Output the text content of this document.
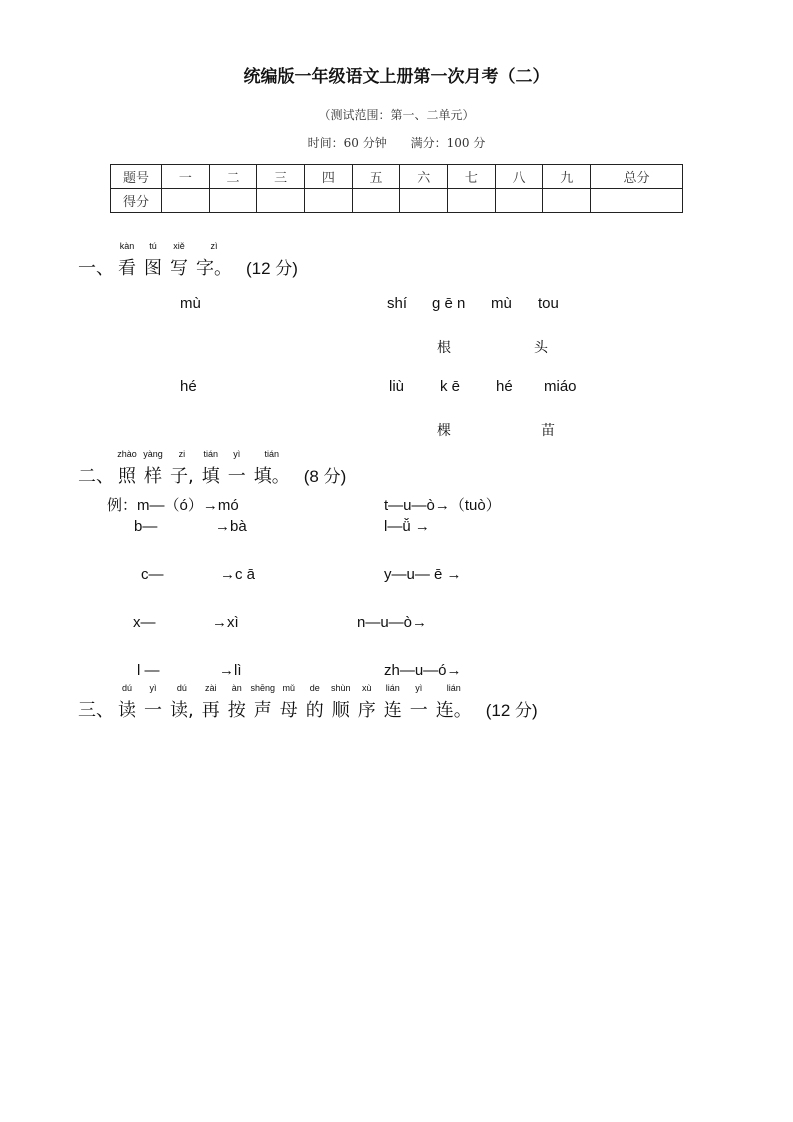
统编版一年级语文上册第一次月考（二）
（测试范围：第一、二单元）
时间：60 分钟 满分：100 分
题号	一	二	三	四	五	六	七	八	九	总分
得分										
一、
kàn
看
tú
图
xiě
写
zì
字。 (12 分)
mù	shí g ē n mù tou
根	头
hé	liù k ē hé miáo
棵	苗
二、
zhào
照
yàng
样
zi
子,
tián
填
yì
一
tián
填。 (8 分)
例：m—（ó）→mó	t—u—ò→（tuò）
b—	→bà	l—ǚ →
c—	→c ā	y—u— ē →
x—	→xì	n—u—ò→
l —	→lì	zh—u—ó→
三、
dú
读
yì
一
dú
读,
zài
再
àn
按
shēng
声
mǔ
母
de
的
shùn
顺
xù
序
lián
连
yì
一
lián
连。 (12 分)
